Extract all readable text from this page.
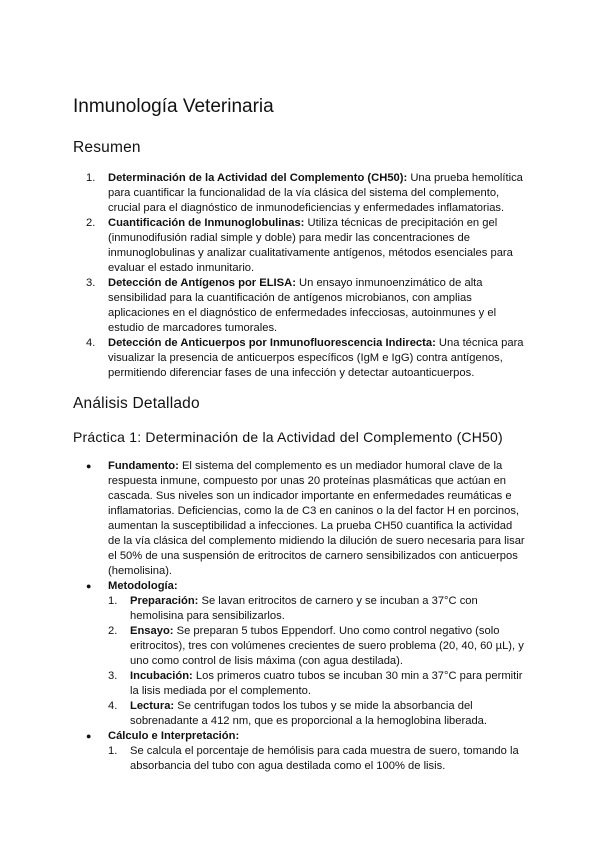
Inmunología Veterinaria
Resumen
1.	Determinación de la Actividad del Complemento (CH50): Una prueba hemolítica para cuantificar la funcionalidad de la vía clásica del sistema del complemento, crucial para el diagnóstico de inmunodeficiencias y enfermedades inflamatorias.
2.	Cuantificación de Inmunoglobulinas: Utiliza técnicas de precipitación en gel (inmunodifusión radial simple y doble) para medir las concentraciones de inmunoglobulinas y analizar cualitativamente antígenos, métodos esenciales para evaluar el estado inmunitario.
3.	Detección de Antígenos por ELISA: Un ensayo inmunoenzimático de alta sensibilidad para la cuantificación de antígenos microbianos, con amplias aplicaciones en el diagnóstico de enfermedades infecciosas, autoinmunes y el estudio de marcadores tumorales.
4.	Detección de Anticuerpos por Inmunofluorescencia Indirecta: Una técnica para visualizar la presencia de anticuerpos específicos (IgM e IgG) contra antígenos, permitiendo diferenciar fases de una infección y detectar autoanticuerpos.
Análisis Detallado
Práctica 1: Determinación de la Actividad del Complemento (CH50)
●	Fundamento: El sistema del complemento es un mediador humoral clave de la respuesta inmune, compuesto por unas 20 proteínas plasmáticas que actúan en cascada. Sus niveles son un indicador importante en enfermedades reumáticas e inflamatorias. Deficiencias, como la de C3 en caninos o la del factor H en porcinos, aumentan la susceptibilidad a infecciones. La prueba CH50 cuantifica la actividad de la vía clásica del complemento midiendo la dilución de suero necesaria para lisar el 50% de una suspensión de eritrocitos de carnero sensibilizados con anticuerpos (hemolisina).
●	Metodología:
1.	Preparación: Se lavan eritrocitos de carnero y se incuban a 37°C con hemolisina para sensibilizarlos.
2.	Ensayo: Se preparan 5 tubos Eppendorf. Uno como control negativo (solo eritrocitos), tres con volúmenes crecientes de suero problema (20, 40, 60 µL), y uno como control de lisis máxima (con agua destilada).
3.	Incubación: Los primeros cuatro tubos se incuban 30 min a 37°C para permitir la lisis mediada por el complemento.
4.	Lectura: Se centrifugan todos los tubos y se mide la absorbancia del sobrenadante a 412 nm, que es proporcional a la hemoglobina liberada.
●	Cálculo e Interpretación:
1.	Se calcula el porcentaje de hemólisis para cada muestra de suero, tomando la absorbancia del tubo con agua destilada como el 100% de lisis.
